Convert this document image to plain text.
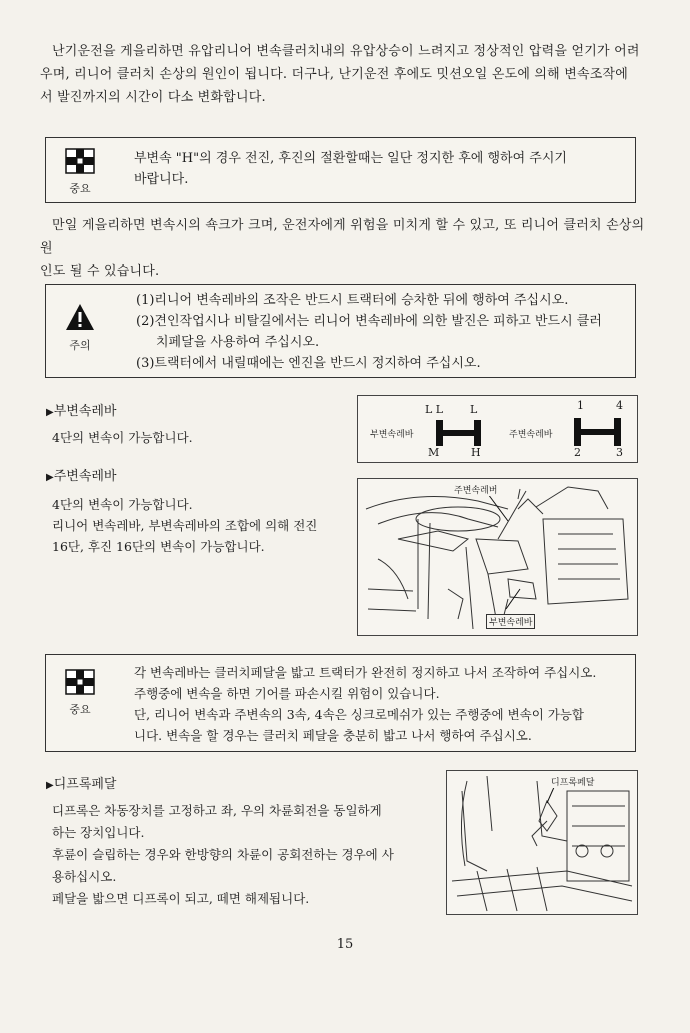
난기운전을 게을리하면 유압리니어 변속클러치내의 유압상승이 느려지고 정상적인 압력을 얻기가 어려

우며, 리니어 클러치 손상의 원인이 됩니다. 더구나, 난기운전 후에도 밋션오일 온도에 의해 변속조작에

서 발진까지의 시간이 다소 변화합니다.

중요

부변속 "H"의 경우 전진, 후진의 절환할때는 일단 정지한 후에 행하여 주시기

바랍니다.

만일 게을리하면 변속시의 쇽크가 크며, 운전자에게 위험을 미치게 할 수 있고, 또 리니어 클러치 손상의 원

인도 될 수 있습니다.

주의

(1)리니어 변속레바의 조작은 반드시 트랙터에 승차한 뒤에 행하여 주십시오.

(2)견인작업시나 비탈길에서는 리니어 변속레바에 의한 발진은 피하고 반드시 클러

치페달을 사용하여 주십시오.

(3)트랙터에서 내릴때에는 엔진을 반드시 정지하여 주십시오.

▶부변속레바
4단의 변속이 가능합니다.
L L L
부변속레바
M	H
1	4
주변속레바
2	3
▶주변속레바

4단의 변속이 가능합니다.

리니어 변속레바, 부변속레바의 조합에 의해 전진

16단, 후진 16단의 변속이 가능합니다.

주변속레버
부변속레바
중요

각 변속레바는 클러치페달을 밟고 트랙터가 완전히 정지하고 나서 조작하여 주십시오.

주행중에 변속을 하면 기어를 파손시킬 위험이 있습니다.

단, 리니어 변속과 주변속의 3속, 4속은 싱크로메쉬가 있는 주행중에 변속이 가능합

니다. 변속을 할 경우는 클러치 페달을 충분히 밟고 나서 행하여 주십시오.

▶디프록페달

디프록은 차동장치를 고정하고 좌, 우의 차륜회전을 동일하게

하는 장치입니다.

후륜이 슬립하는 경우와 한방향의 차륜이 공회전하는 경우에 사

용하십시오.

페달을 밟으면 디프록이 되고, 떼면 해제됩니다.

디프록페달
15
